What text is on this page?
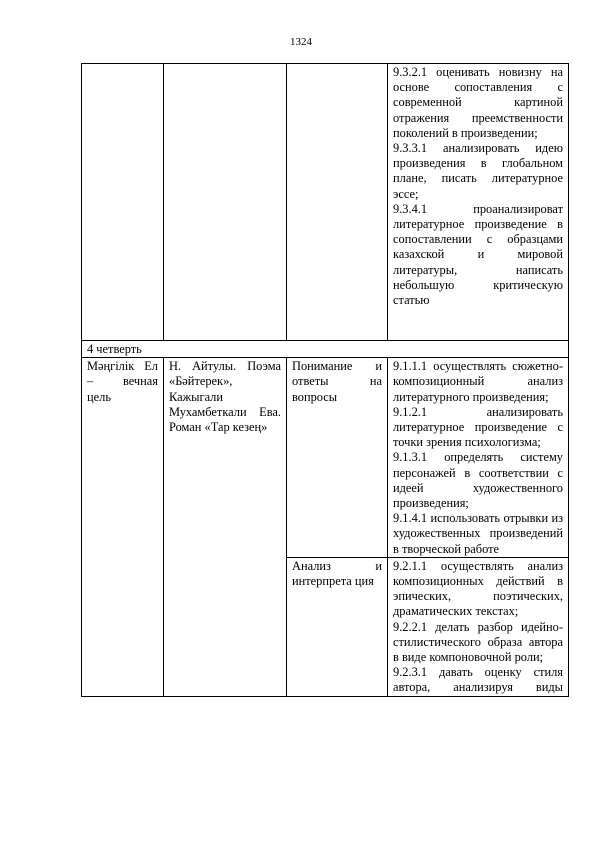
1324

			9.3.2.1 оценивать новизну на основе сопоставления с современной картиной отражения преемственности поколений в произведении;
9.3.3.1 анализировать идею произведения в глобальном плане, писать литературное эссе;
9.3.4.1 проанализироват литературное произведение в сопоставлении с образцами казахской и мировой литературы, написать небольшую критическую статью

4 четверть			
Мәңгілік Ел – вечная цель	Н. Айтулы. Поэма «Бәйтерек», Кажыгали Мухамбеткали Ева. Роман «Тар кезең»	Понимание и ответы на вопросы	9.1.1.1 осуществлять сюжетно-композиционный анализ литературного произведения;
9.1.2.1 анализировать литературное произведение с точки зрения психологизма;
9.1.3.1 определять систему персонажей в соответствии с идеей художественного произведения;
9.1.4.1 использовать отрывки из художественных произведений в творческой работе

		Анализ и интерпрета ция	9.2.1.1 осуществлять анализ композиционных действий в эпических, поэтических, драматических текстах;
9.2.2.1 делать разбор идейно-стилистического образа автора в виде компоновочной роли;
9.2.3.1 давать оценку стиля автора, анализируя виды
